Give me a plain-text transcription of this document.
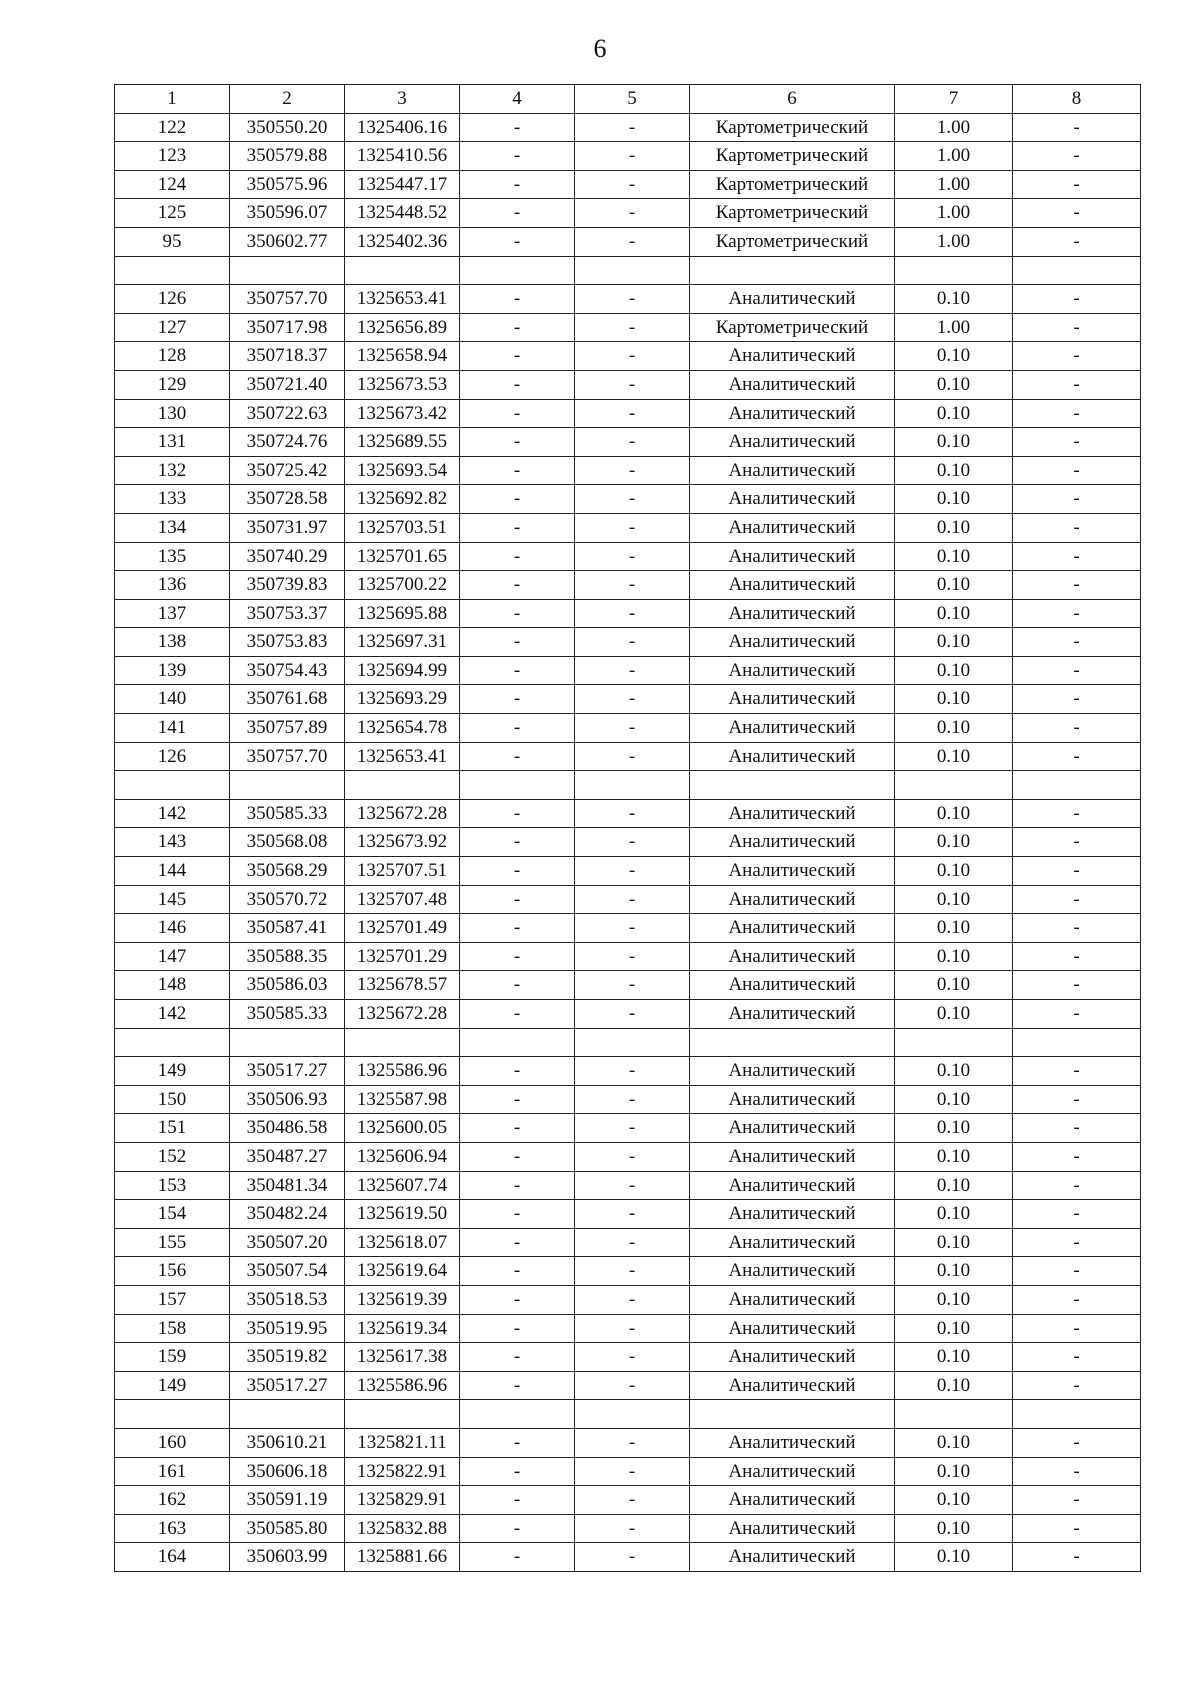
6
1	2	3	4	5	6	7	8
122	350550.20	1325406.16	-	-	Картометрический	1.00	-
123	350579.88	1325410.56	-	-	Картометрический	1.00	-
124	350575.96	1325447.17	-	-	Картометрический	1.00	-
125	350596.07	1325448.52	-	-	Картометрический	1.00	-
95	350602.77	1325402.36	-	-	Картометрический	1.00	-

126	350757.70	1325653.41	-	-	Аналитический	0.10	-
127	350717.98	1325656.89	-	-	Картометрический	1.00	-
128	350718.37	1325658.94	-	-	Аналитический	0.10	-
129	350721.40	1325673.53	-	-	Аналитический	0.10	-
130	350722.63	1325673.42	-	-	Аналитический	0.10	-
131	350724.76	1325689.55	-	-	Аналитический	0.10	-
132	350725.42	1325693.54	-	-	Аналитический	0.10	-
133	350728.58	1325692.82	-	-	Аналитический	0.10	-
134	350731.97	1325703.51	-	-	Аналитический	0.10	-
135	350740.29	1325701.65	-	-	Аналитический	0.10	-
136	350739.83	1325700.22	-	-	Аналитический	0.10	-
137	350753.37	1325695.88	-	-	Аналитический	0.10	-
138	350753.83	1325697.31	-	-	Аналитический	0.10	-
139	350754.43	1325694.99	-	-	Аналитический	0.10	-
140	350761.68	1325693.29	-	-	Аналитический	0.10	-
141	350757.89	1325654.78	-	-	Аналитический	0.10	-
126	350757.70	1325653.41	-	-	Аналитический	0.10	-

142	350585.33	1325672.28	-	-	Аналитический	0.10	-
143	350568.08	1325673.92	-	-	Аналитический	0.10	-
144	350568.29	1325707.51	-	-	Аналитический	0.10	-
145	350570.72	1325707.48	-	-	Аналитический	0.10	-
146	350587.41	1325701.49	-	-	Аналитический	0.10	-
147	350588.35	1325701.29	-	-	Аналитический	0.10	-
148	350586.03	1325678.57	-	-	Аналитический	0.10	-
142	350585.33	1325672.28	-	-	Аналитический	0.10	-

149	350517.27	1325586.96	-	-	Аналитический	0.10	-
150	350506.93	1325587.98	-	-	Аналитический	0.10	-
151	350486.58	1325600.05	-	-	Аналитический	0.10	-
152	350487.27	1325606.94	-	-	Аналитический	0.10	-
153	350481.34	1325607.74	-	-	Аналитический	0.10	-
154	350482.24	1325619.50	-	-	Аналитический	0.10	-
155	350507.20	1325618.07	-	-	Аналитический	0.10	-
156	350507.54	1325619.64	-	-	Аналитический	0.10	-
157	350518.53	1325619.39	-	-	Аналитический	0.10	-
158	350519.95	1325619.34	-	-	Аналитический	0.10	-
159	350519.82	1325617.38	-	-	Аналитический	0.10	-
149	350517.27	1325586.96	-	-	Аналитический	0.10	-

160	350610.21	1325821.11	-	-	Аналитический	0.10	-
161	350606.18	1325822.91	-	-	Аналитический	0.10	-
162	350591.19	1325829.91	-	-	Аналитический	0.10	-
163	350585.80	1325832.88	-	-	Аналитический	0.10	-
164	350603.99	1325881.66	-	-	Аналитический	0.10	-
